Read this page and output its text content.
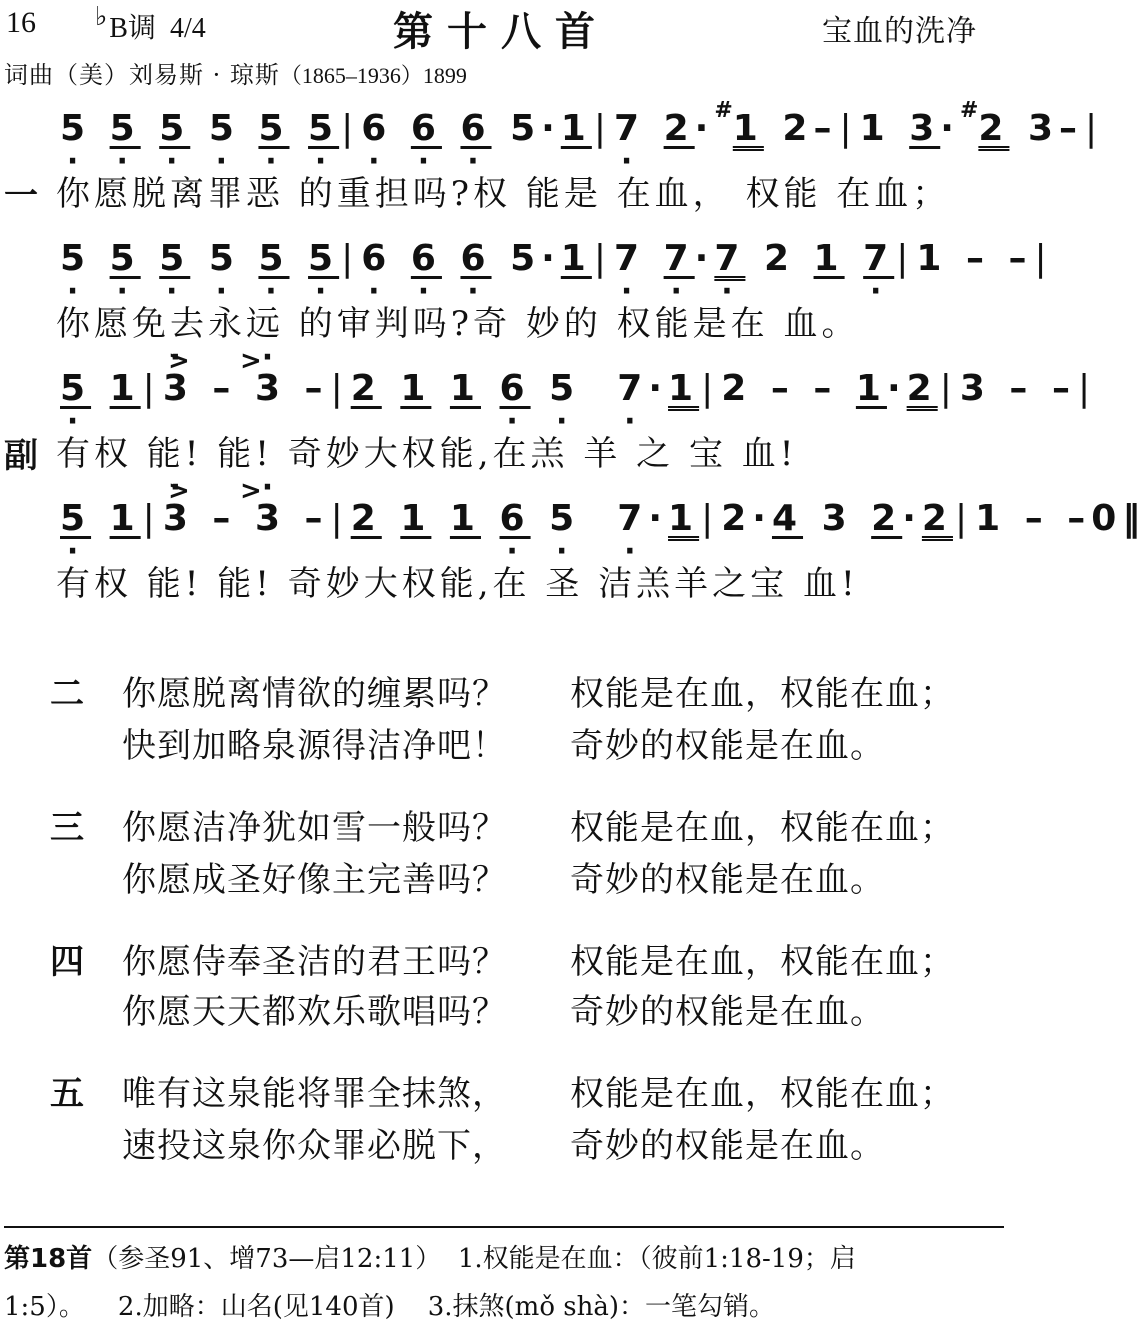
16 ♭B调 4/4	第十八首	宝血的洗净
词曲（美）刘易斯 · 琼斯（1865–1936）1899
5 · 5 · 5 · 5 · 5 · 5 ·|6 · 6 · 6 · 5·1|7 · 2·#1 2–|1 3·#2 3–|
一 你愿脱离罪恶 的重担吗?权 能是 在血， 权能 在血；
5 · 5 · 5 · 5 · 5 · 5 ·|6 · 6 · 6 · 5·1|7 · 7 ··7 · 2 1 7 ·|1 – –|
你愿免去永远 的审判吗?奇 妙的 权能是在 血。
> >
5 · 1|· 3 – · 3 –|2 1 1 6 · 5 · 7 ··1|2 – – 1·2|3 – –|
副 有权 能! 能! 奇妙大权能,在羔 羊 之 宝 血!
> >
5 · 1|· 3 – · 3 –|2 1 1 6 · 5 · 7 ··1|2·4 3 2·2|1 – –0‖
有权 能! 能! 奇妙大权能,在 圣 洁羔羊之宝 血!
二 你愿脱离情欲的缠累吗？ 权能是在血，权能在血；
快到加略泉源得洁净吧！ 奇妙的权能是在血。
三 你愿洁净犹如雪一般吗？ 权能是在血，权能在血；
你愿成圣好像主完善吗？ 奇妙的权能是在血。
四 你愿侍奉圣洁的君王吗？ 权能是在血，权能在血；
你愿天天都欢乐歌唱吗？ 奇妙的权能是在血。
五 唯有这泉能将罪全抹煞， 权能是在血，权能在血；
速投这泉你众罪必脱下， 奇妙的权能是在血。
第18首（参圣91、增73—启12:11） 1.权能是在血：（彼前1:18-19；启
1:5）。 2.加略：山名(见140首) 3.抹煞(mǒ shà)：一笔勾销。
